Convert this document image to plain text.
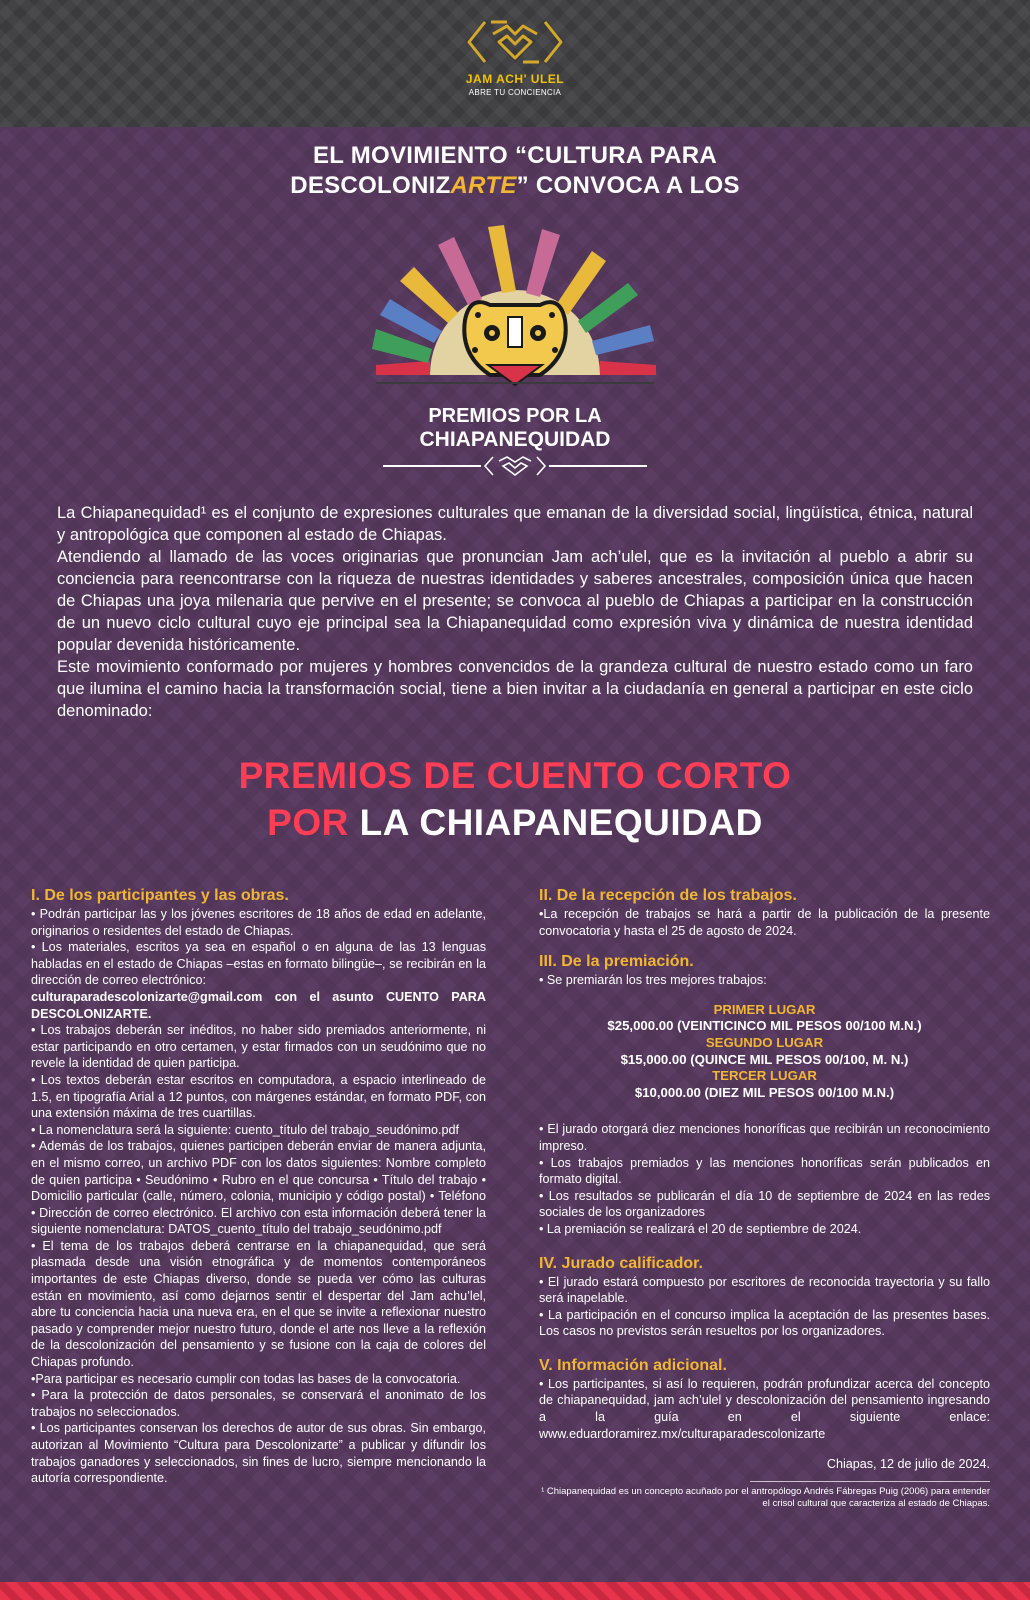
JAM ACH' ULEL
ABRE TU CONCIENCIA
EL MOVIMIENTO “CULTURA PARA
DESCOLONIZARTE” CONVOCA A LOS
PREMIOS POR LA
CHIAPANEQUIDAD

La Chiapanequidad¹ es el conjunto de expresiones culturales que emanan de la diversidad social, lingüística, étnica, natural y antropológica que componen al estado de Chiapas.

Atendiendo al llamado de las voces originarias que pronuncian Jam ach’ulel, que es la invitación al pueblo a abrir su conciencia para reencontrarse con la riqueza de nuestras identidades y saberes ancestrales, composición única que hacen de Chiapas una joya milenaria que pervive en el presente; se convoca al pueblo de Chiapas a participar en la construcción de un nuevo ciclo cultural cuyo eje principal sea la Chiapanequidad como expresión viva y dinámica de nuestra identidad popular devenida históricamente.

Este movimiento conformado por mujeres y hombres convencidos de la grandeza cultural de nuestro estado como un faro que ilumina el camino hacia la transformación social, tiene a bien invitar a la ciudadanía en general a participar en este ciclo denominado:

PREMIOS DE CUENTO CORTO
POR LA CHIAPANEQUIDAD

I. De los participantes y las obras.

• Podrán participar las y los jóvenes escritores de 18 años de edad en adelante, originarios o residentes del estado de Chiapas.

• Los materiales, escritos ya sea en español o en alguna de las 13 lenguas habladas en el estado de Chiapas –estas en formato bilingüe–, se recibirán en la dirección de correo electrónico:

culturaparadescolonizarte@gmail.com con el asunto CUENTO PARA DESCOLONIZARTE.

• Los trabajos deberán ser inéditos, no haber sido premiados anteriormente, ni estar participando en otro certamen, y estar firmados con un seudónimo que no revele la identidad de quien participa.

• Los textos deberán estar escritos en computadora, a espacio interlineado de 1.5, en tipografía Arial a 12 puntos, con márgenes estándar, en formato PDF, con una extensión máxima de tres cuartillas.

• La nomenclatura será la siguiente: cuento_título del trabajo_seudónimo.pdf

• Además de los trabajos, quienes participen deberán enviar de manera adjunta, en el mismo correo, un archivo PDF con los datos siguientes: Nombre completo de quien participa • Seudónimo • Rubro en el que concursa • Título del trabajo • Domicilio particular (calle, número, colonia, municipio y código postal) • Teléfono • Dirección de correo electrónico. El archivo con esta información deberá tener la siguiente nomenclatura: DATOS_cuento_título del trabajo_seudónimo.pdf

• El tema de los trabajos deberá centrarse en la chiapanequidad, que será plasmada desde una visión etnográfica y de momentos contemporáneos importantes de este Chiapas diverso, donde se pueda ver cómo las culturas están en movimiento, así como dejarnos sentir el despertar del Jam achu’lel, abre tu conciencia hacia una nueva era, en el que se invite a reflexionar nuestro pasado y comprender mejor nuestro futuro, donde el arte nos lleve a la reflexión de la descolonización del pensamiento y se fusione con la caja de colores del Chiapas profundo.

•Para participar es necesario cumplir con todas las bases de la convocatoria.

• Para la protección de datos personales, se conservará el anonimato de los trabajos no seleccionados.

• Los participantes conservan los derechos de autor de sus obras. Sin embargo, autorizan al Movimiento “Cultura para Descolonizarte” a publicar y difundir los trabajos ganadores y seleccionados, sin fines de lucro, siempre mencionando la autoría correspondiente.

II. De la recepción de los trabajos.

•La recepción de trabajos se hará a partir de la publicación de la presente convocatoria y hasta el 25 de agosto de 2024.

III. De la premiación.

• Se premiarán los tres mejores trabajos:

PRIMER LUGAR
$25,000.00 (VEINTICINCO MIL PESOS 00/100 M.N.)
SEGUNDO LUGAR
$15,000.00 (QUINCE MIL PESOS 00/100, M. N.)
TERCER LUGAR
$10,000.00 (DIEZ MIL PESOS 00/100 M.N.)

• El jurado otorgará diez menciones honoríficas que recibirán un reconocimiento impreso.

• Los trabajos premiados y las menciones honoríficas serán publicados en formato digital.

• Los resultados se publicarán el día 10 de septiembre de 2024 en las redes sociales de los organizadores

• La premiación se realizará el 20 de septiembre de 2024.

IV. Jurado calificador.

• El jurado estará compuesto por escritores de reconocida trayectoria y su fallo será inapelable.

• La participación en el concurso implica la aceptación de las presentes bases. Los casos no previstos serán resueltos por los organizadores.

V. Información adicional.

• Los participantes, si así lo requieren, podrán profundizar acerca del concepto de chiapanequidad, jam ach’ulel y descolonización del pensamiento ingresando a la guía en el siguiente enlace: www.eduardoramirez.mx/culturaparadescolonizarte

Chiapas, 12 de julio de 2024.

¹ Chiapanequidad es un concepto acuñado por el antropólogo Andrés Fábregas Puig (2006) para entender el crisol cultural que caracteriza al estado de Chiapas.
